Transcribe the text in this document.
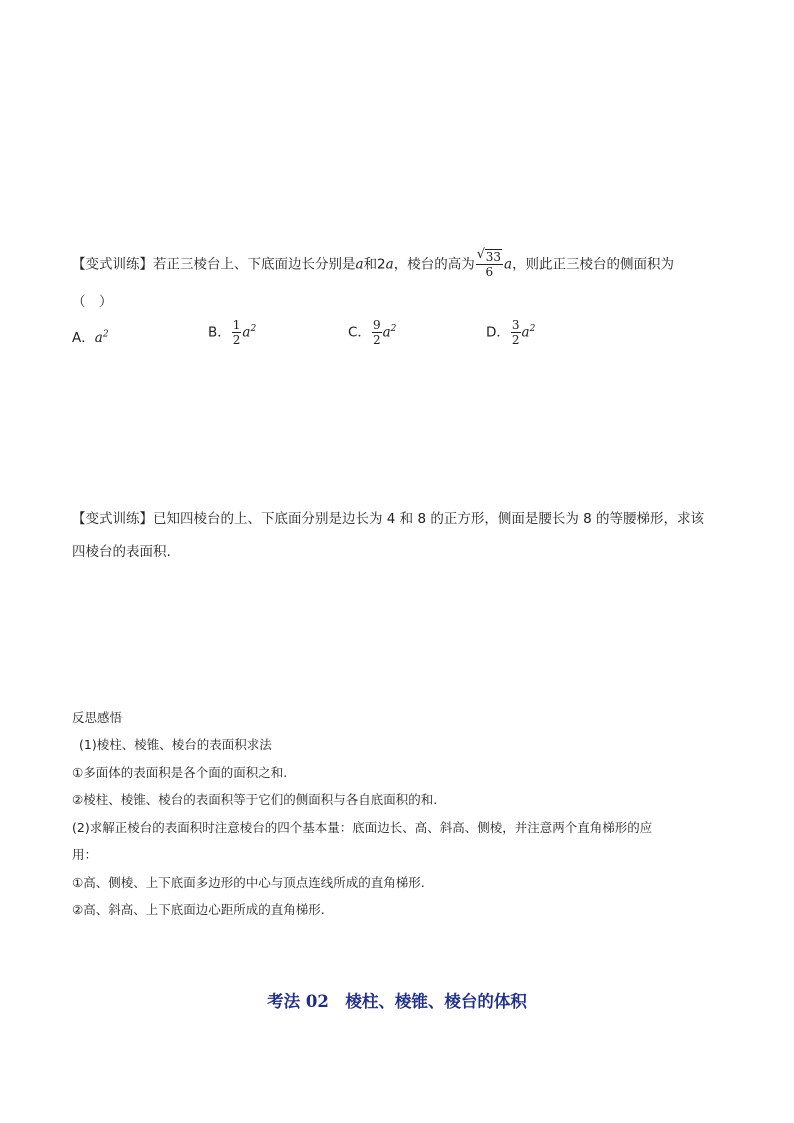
【变式训练】若正三棱台上、下底面边长分别是a和2a，棱台的高为 $\frac{√ 33}{6}$ a，则此正三棱台的侧面积为
（　）
A．$a^2$	B． $\frac{1}{2} a^2$	C． $\frac{9}{2} a^2$	D． $\frac{3}{2} a^2$
【变式训练】已知四棱台的上、下底面分别是边长为 4 和 8 的正方形，侧面是腰长为 8 的等腰梯形，求该
四棱台的表面积.
反思感悟
(1)棱柱、棱锥、棱台的表面积求法
①多面体的表面积是各个面的面积之和.
②棱柱、棱锥、棱台的表面积等于它们的侧面积与各自底面积的和.
(2)求解正棱台的表面积时注意棱台的四个基本量：底面边长、高、斜高、侧棱，并注意两个直角梯形的应
用：
①高、侧棱、上下底面多边形的中心与顶点连线所成的直角梯形.
②高、斜高、上下底面边心距所成的直角梯形.
考法 02　棱柱、棱锥、棱台的体积
